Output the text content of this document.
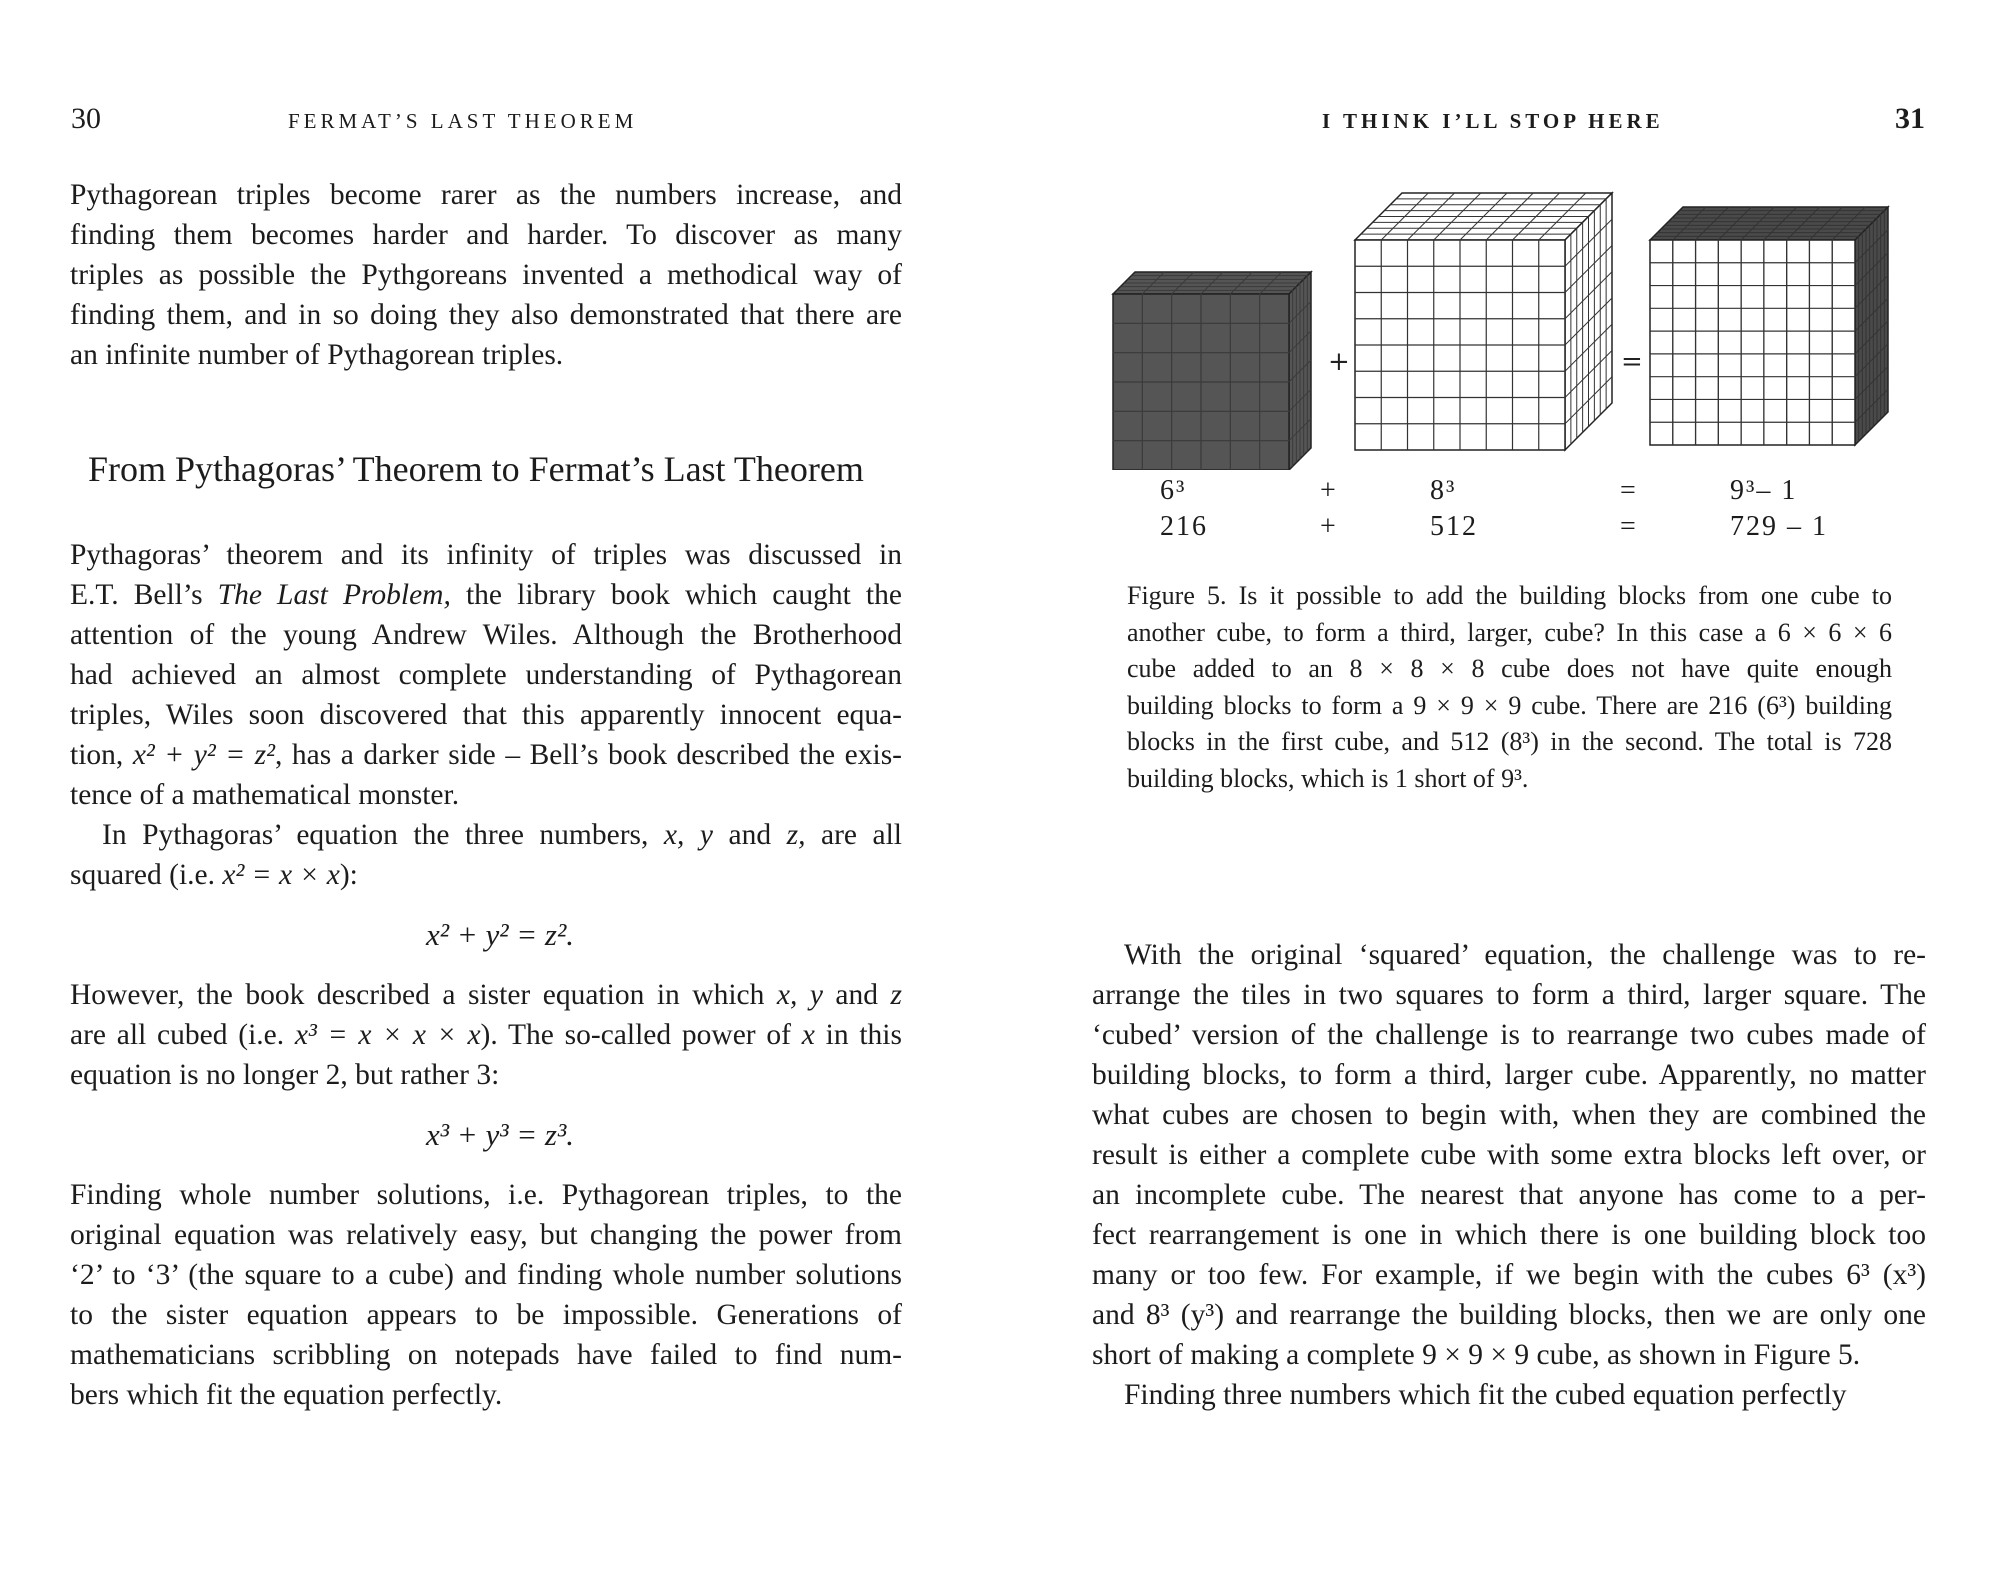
30	FERMAT’S LAST THEOREM

Pythagorean triples become rarer as the numbers increase, and
finding them becomes harder and harder. To discover as many
triples as possible the Pythgoreans invented a methodical way of
finding them, and in so doing they also demonstrated that there are
an infinite number of Pythagorean triples.

From Pythagoras’ Theorem to Fermat’s Last Theorem

Pythagoras’ theorem and its infinity of triples was discussed in
E.T. Bell’s The Last Problem, the library book which caught the
attention of the young Andrew Wiles. Although the Brotherhood
had achieved an almost complete understanding of Pythagorean
triples, Wiles soon discovered that this apparently innocent equa-
tion, x² + y² = z², has a darker side – Bell’s book described the exis-
tence of a mathematical monster.

In Pythagoras’ equation the three numbers, x, y and z, are all
squared (i.e. x² = x × x):

x² + y² = z².

However, the book described a sister equation in which x, y and z
are all cubed (i.e. x³ = x × x × x). The so-called power of x in this
equation is no longer 2, but rather 3:

x³ + y³ = z³.

Finding whole number solutions, i.e. Pythagorean triples, to the
original equation was relatively easy, but changing the power from
‘2’ to ‘3’ (the square to a cube) and finding whole number solutions
to the sister equation appears to be impossible. Generations of
mathematicians scribbling on notepads have failed to find num-
bers which fit the equation perfectly.

I THINK I’LL STOP HERE	31
+	=
6³	+	8³	=	9³– 1
216	+	512	=	729 – 1

Figure 5. Is it possible to add the building blocks from one cube to
another cube, to form a third, larger, cube? In this case a 6 × 6 × 6
cube added to an 8 × 8 × 8 cube does not have quite enough
building blocks to form a 9 × 9 × 9 cube. There are 216 (6³) building
blocks in the first cube, and 512 (8³) in the second. The total is 728
building blocks, which is 1 short of 9³.

With the original ‘squared’ equation, the challenge was to re-
arrange the tiles in two squares to form a third, larger square. The
‘cubed’ version of the challenge is to rearrange two cubes made of
building blocks, to form a third, larger cube. Apparently, no matter
what cubes are chosen to begin with, when they are combined the
result is either a complete cube with some extra blocks left over, or
an incomplete cube. The nearest that anyone has come to a per-
fect rearrangement is one in which there is one building block too
many or too few. For example, if we begin with the cubes 6³ (x³)
and 8³ (y³) and rearrange the building blocks, then we are only one
short of making a complete 9 × 9 × 9 cube, as shown in Figure 5.

Finding three numbers which fit the cubed equation perfectly
